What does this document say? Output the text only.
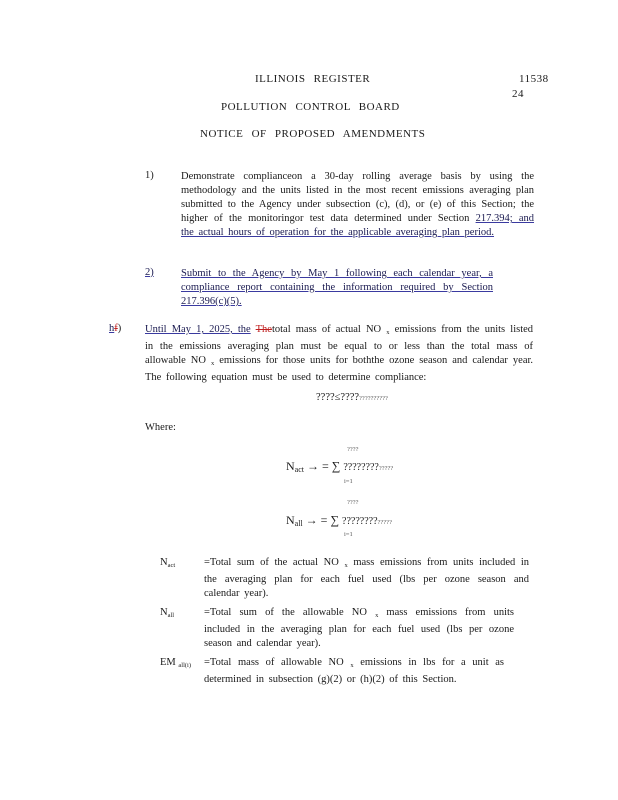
ILLINOIS REGISTER	11538
24
POLLUTION CONTROL BOARD
NOTICE OF PROPOSED AMENDMENTS
1)	Demonstrate complianceon a 30-day rolling average basis by using the methodology and the units listed in the most recent emissions averaging plan submitted to the Agency under subsection (c), (d), or (e) of this Section; the higher of the monitoringor test data determined under Section 217.394; and the actual hours of operation for the applicable averaging plan period.
2)	Submit to the Agency by May 1 following each calendar year, a compliance report containing the information required by Section 217.396(c)(5).
hf) Until May 1, 2025, the Thetotal mass of actual NO $_x$ emissions from the units listed in the emissions averaging plan must be equal to or less than the total mass of allowable NO $_x$ emissions for those units for boththe ozone season and calendar year. The following equation must be used to determine compliance:
????≤??????????????
Where:
????
$N_{act}$ → = ∑ ?????????????
i=1
????
$N_{all}$ → = ∑ ?????????????
i=1
$N_{act}$	=Total sum of the actual NO $_x$ mass emissions from units included in the averaging plan for each fuel used (lbs per ozone season and calendar year).
$N_{all}$	=Total sum of the allowable NO $_x$ mass emissions from units included in the averaging plan for each fuel used (lbs per ozone season and calendar year).
EM $_{all(i)}$ =Total mass of allowable NO $_x$ emissions in lbs for a unit as determined in subsection (g)(2) or (h)(2) of this Section.
